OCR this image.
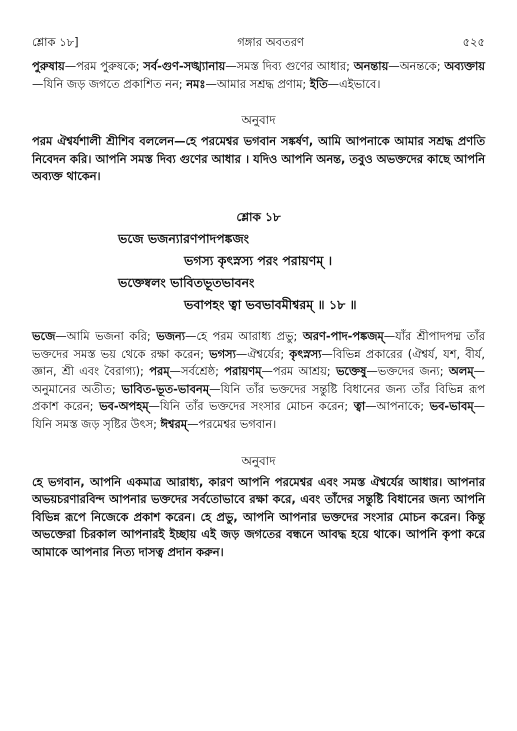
শ্লোক ১৮]	গঙ্গার অবতরণ	৫২৫

পুরুষায়—পরম পুরুষকে; সর্ব-গুণ-সঙ্খ্যানায়—সমস্ত দিব্য গুণের আধার; অনন্তায়—অনন্তকে; অব্যক্তায়—যিনি জড় জগতে প্রকাশিত নন; নমঃ—আমার সশ্রদ্ধ প্রণাম; ইতি—এইভাবে।

অনুবাদ

পরম ঐশ্বর্যশালী শ্রীশিব বললেন—হে পরমেশ্বর ভগবান সঙ্কর্ষণ, আমি আপনাকে আমার সশ্রদ্ধ প্রণতি নিবেদন করি। আপনি সমস্ত দিব্য গুণের আধার । যদিও আপনি অনন্ত, তবুও অভক্তদের কাছে আপনি অব্যক্ত থাকেন।

শ্লোক ১৮
ভজে ভজন্যারণপাদপঙ্কজং
ভগস্য কৃৎস্নস্য পরং পরায়ণম্ ।
ভক্তেষ্বলং ভাবিতভূতভাবনং
ভবাপহং ত্বা ভবভাবমীশ্বরম্ ॥ ১৮ ॥

ভজে—আমি ভজনা করি; ভজন্য—হে পরম আরাধ্য প্রভু; অরণ-পাদ-পঙ্কজম্—যাঁর শ্রীপাদপদ্ম তাঁর ভক্তদের সমস্ত ভয় থেকে রক্ষা করেন; ভগস্য—ঐশ্বর্যের; কৃৎস্নস্য—বিভিন্ন প্রকারের (ঐশ্বর্য, যশ, বীর্য, জ্ঞান, শ্রী এবং বৈরাগ্য); পরম্—সর্বশ্রেষ্ঠ; পরায়ণম্—পরম আশ্রয়; ভক্তেষু—ভক্তদের জন্য; অলম্—অনুমানের অতীত; ভাবিত-ভূত-ভাবনম্—যিনি তাঁর ভক্তদের সন্তুষ্টি বিধানের জন্য তাঁর বিভিন্ন রূপ প্রকাশ করেন; ভব-অপহম্—যিনি তাঁর ভক্তদের সংসার মোচন করেন; ত্বা—আপনাকে; ভব-ভাবম্—যিনি সমস্ত জড় সৃষ্টির উৎস; ঈশ্বরম্—পরমেশ্বর ভগবান।

অনুবাদ

হে ভগবান, আপনি একমাত্র আরাধ্য, কারণ আপনি পরমেশ্বর এবং সমস্ত ঐশ্বর্যের আধার। আপনার অভয়চরণারবিন্দ আপনার ভক্তদের সর্বতোভাবে রক্ষা করে, এবং তাঁদের সন্তুষ্টি বিধানের জন্য আপনি বিভিন্ন রূপে নিজেকে প্রকাশ করেন। হে প্রভু, আপনি আপনার ভক্তদের সংসার মোচন করেন। কিন্তু অভক্তেরা চিরকাল আপনারই ইচ্ছায় এই জড় জগতের বন্ধনে আবদ্ধ হয়ে থাকে। আপনি কৃপা করে আমাকে আপনার নিত্য দাসত্ব প্রদান করুন।
